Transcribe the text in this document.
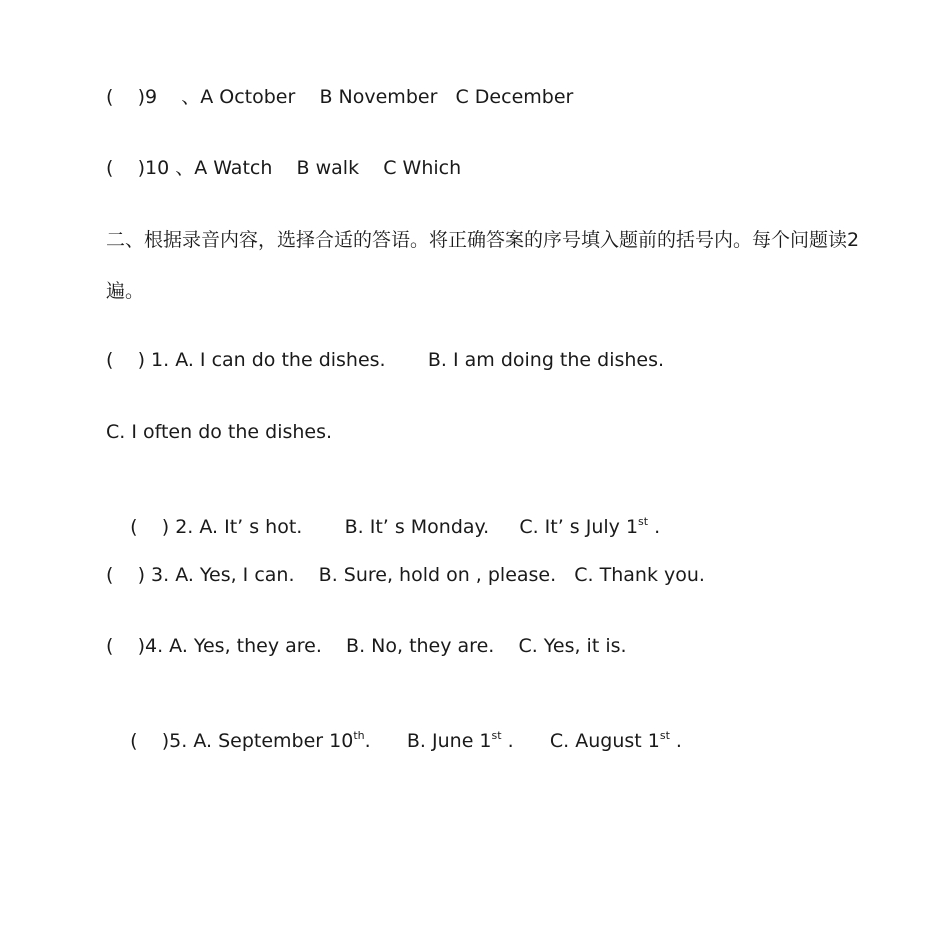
(    )9    、A October    B November   C December
(    )10 、A Watch    B walk    C Which
二、根据录音内容，选择合适的答语。将正确答案的序号填入题前的括号内。每个问题读2
遍。
(    ) 1. A. I can do the dishes.       B. I am doing the dishes.
C. I often do the dishes.

(    ) 2. A. It’ s hot.       B. It’ s Monday.     C. It’ s July 1st .

(    ) 3. A. Yes, I can.    B. Sure, hold on , please.   C. Thank you.
(    )4. A. Yes, they are.    B. No, they are.    C. Yes, it is.

(    )5. A. September 10th.      B. June 1st .      C. August 1st .
